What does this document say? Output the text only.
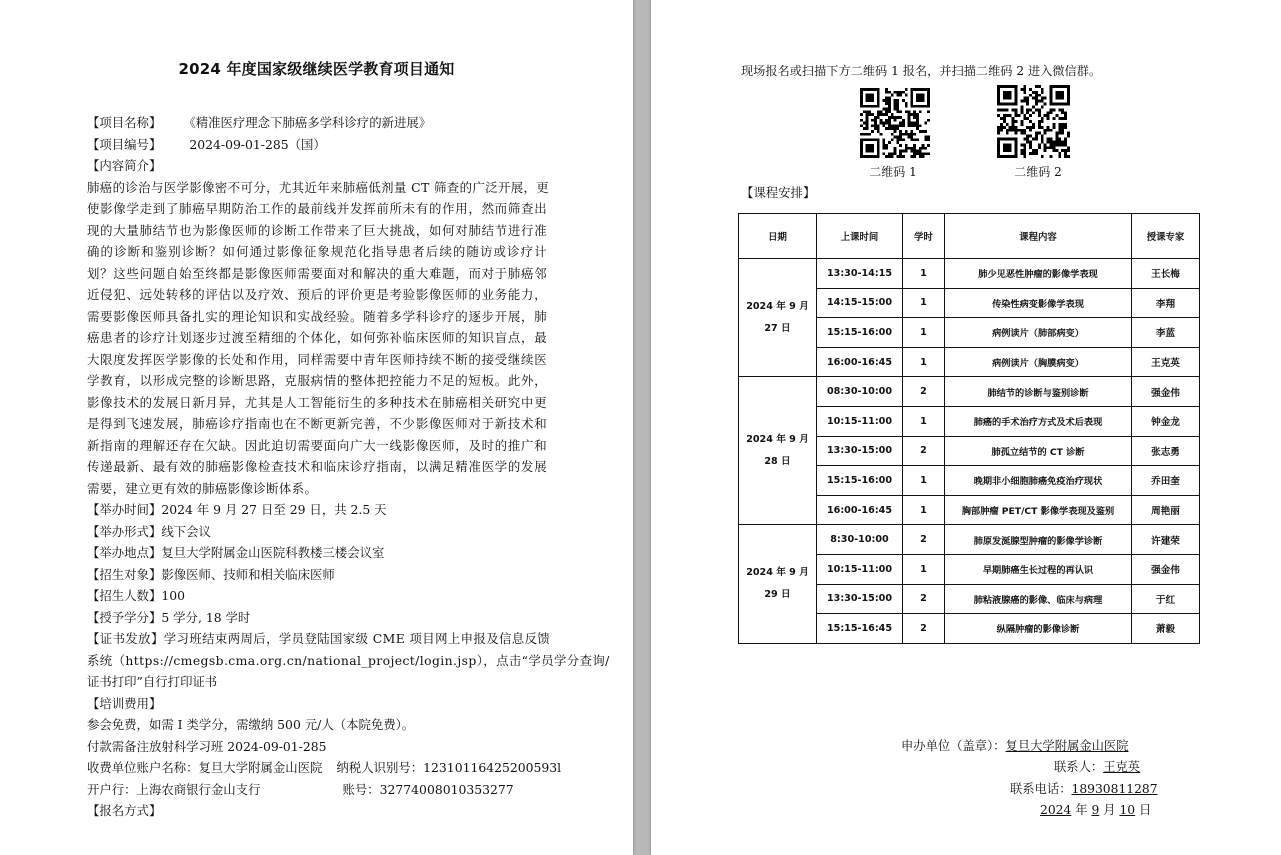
2024 年度国家级继续医学教育项目通知
【项目名称】 《精准医疗理念下肺癌多学科诊疗的新进展》
【项目编号】 2024-09-01-285（国）
【内容简介】
肺癌的诊治与医学影像密不可分，尤其近年来肺癌低剂量 CT 筛查的广泛开展，更
使影像学走到了肺癌早期防治工作的最前线并发挥前所未有的作用，然而筛查出
现的大量肺结节也为影像医师的诊断工作带来了巨大挑战，如何对肺结节进行准
确的诊断和鉴别诊断？如何通过影像征象规范化指导患者后续的随访或诊疗计
划？这些问题自始至终都是影像医师需要面对和解决的重大难题，而对于肺癌邻
近侵犯、远处转移的评估以及疗效、预后的评价更是考验影像医师的业务能力，
需要影像医师具备扎实的理论知识和实战经验。随着多学科诊疗的逐步开展，肺
癌患者的诊疗计划逐步过渡至精细的个体化，如何弥补临床医师的知识盲点，最
大限度发挥医学影像的长处和作用，同样需要中青年医师持续不断的接受继续医
学教育，以形成完整的诊断思路，克服病情的整体把控能力不足的短板。此外，
影像技术的发展日新月异，尤其是人工智能衍生的多种技术在肺癌相关研究中更
是得到飞速发展，肺癌诊疗指南也在不断更新完善，不少影像医师对于新技术和
新指南的理解还存在欠缺。因此迫切需要面向广大一线影像医师，及时的推广和
传递最新、最有效的肺癌影像检查技术和临床诊疗指南，以满足精准医学的发展
需要，建立更有效的肺癌影像诊断体系。
【举办时间】2024 年 9 月 27 日至 29 日，共 2.5 天
【举办形式】线下会议
【举办地点】复旦大学附属金山医院科教楼三楼会议室
【招生对象】影像医师、技师和相关临床医师
【招生人数】100
【授予学分】5 学分, 18 学时
【证书发放】学习班结束两周后，学员登陆国家级 CME 项目网上申报及信息反馈
系统（https://cmegsb.cma.org.cn/national_project/login.jsp），点击“学员学分查询/
证书打印”自行打印证书
【培训费用】
参会免费，如需 I 类学分，需缴纳 500 元/人（本院免费）。
付款需备注放射科学习班 2024-09-01-285
收费单位账户名称：复旦大学附属金山医院 纳税人识别号：12310116425200593l
开户行：上海农商银行金山支行	账号：32774008010353277
【报名方式】
现场报名或扫描下方二维码 1 报名，并扫描二维码 2 进入微信群。
二维码 1	二维码 2
【课程安排】
日期	上课时间	学时	课程内容	授课专家
2024 年 9 月 27 日	13:30-14:15	1	肺少见恶性肿瘤的影像学表现	王长梅
	14:15-15:00	1	传染性病变影像学表现	李翔
	15:15-16:00	1	病例读片（肺部病变）	李蓝
	16:00-16:45	1	病例读片（胸膜病变）	王克英
2024 年 9 月 28 日	08:30-10:00	2	肺结节的诊断与鉴别诊断	强金伟
	10:15-11:00	1	肺癌的手术治疗方式及术后表现	钟金龙
	13:30-15:00	2	肺孤立结节的 CT 诊断	张志勇
	15:15-16:00	1	晚期非小细胞肺癌免疫治疗现状	乔田奎
	16:00-16:45	1	胸部肿瘤 PET/CT 影像学表现及鉴别	周艳丽
2024 年 9 月 29 日	8:30-10:00	2	肺原发涎腺型肿瘤的影像学诊断	许建荣
	10:15-11:00	1	早期肺癌生长过程的再认识	强金伟
	13:30-15:00	2	肺粘液腺癌的影像、临床与病理	于红
	15:15-16:45	2	纵隔肿瘤的影像诊断	萧毅
申办单位（盖章）：复旦大学附属金山医院
联系人：王克英
联系电话：18930811287
2024 年 9 月 10 日
